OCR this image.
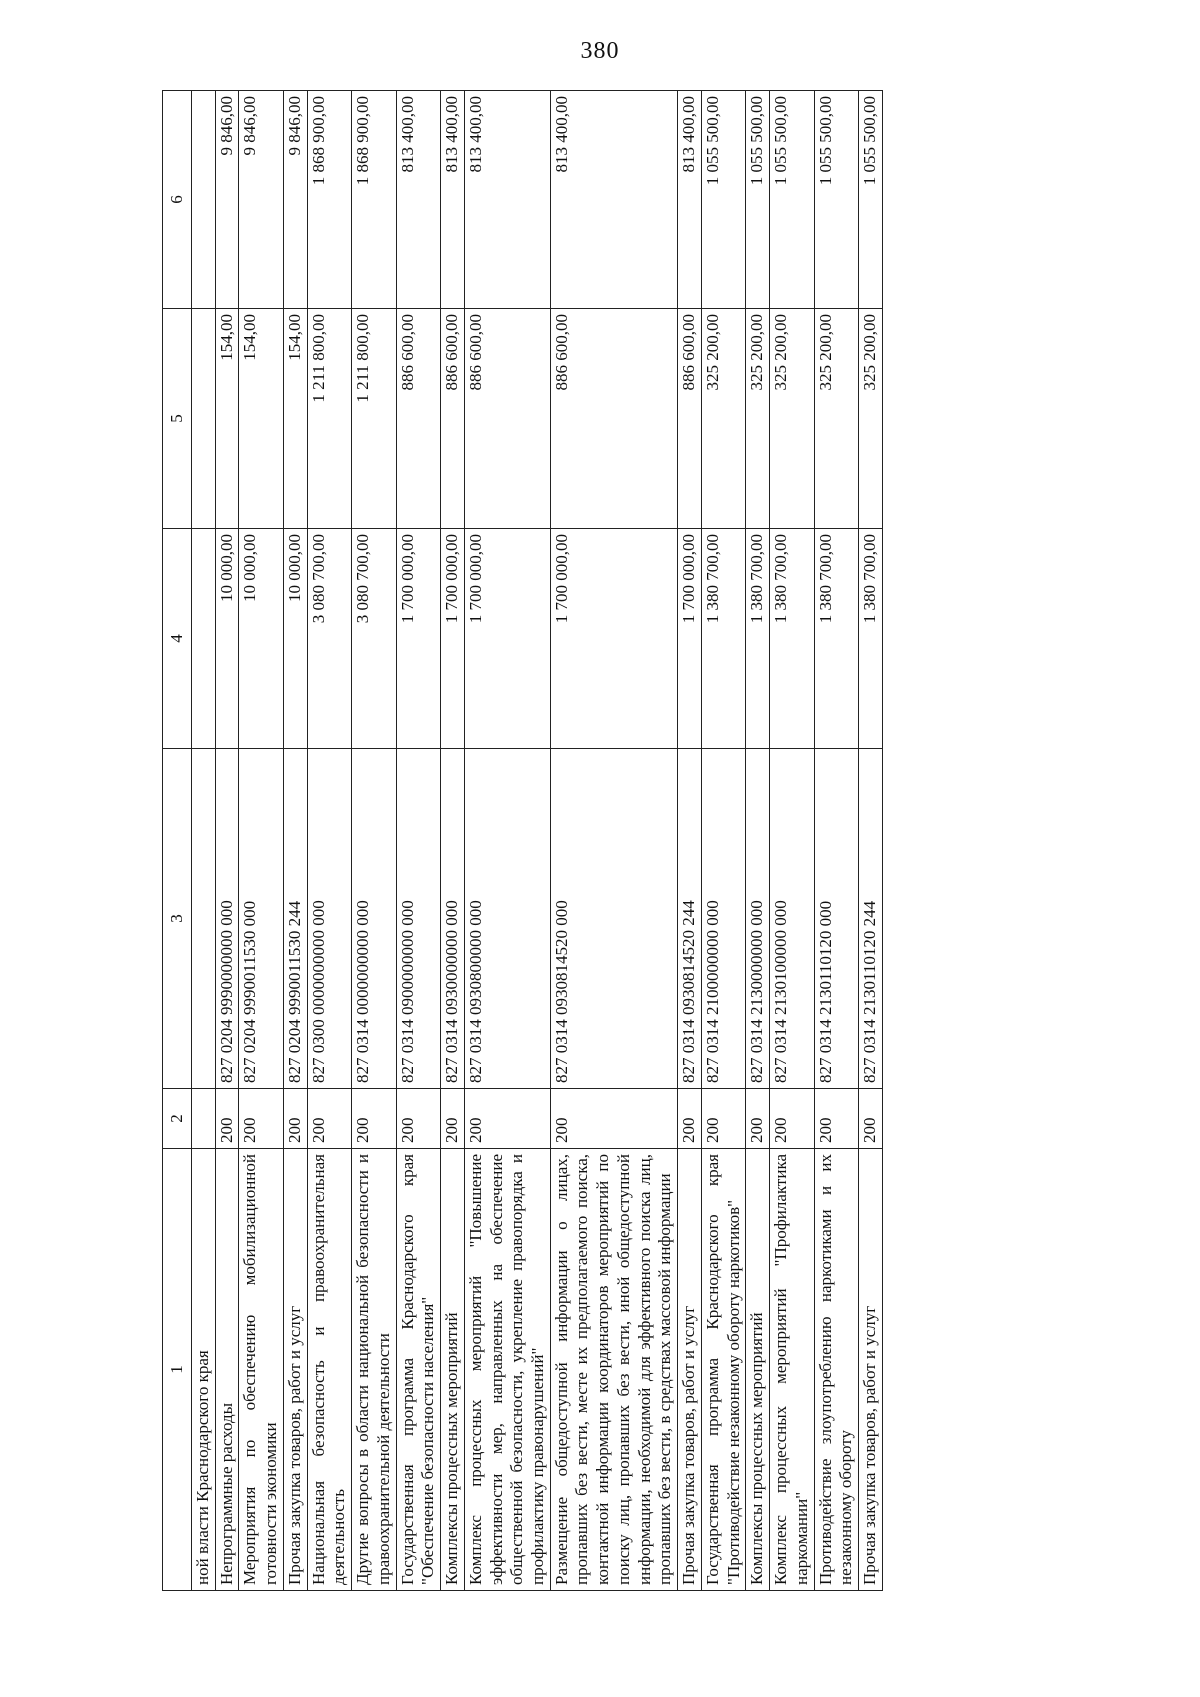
380
1	2	3	4	5	6
ной власти Краснодарского края					
Непрограммные расходы	200	827 0204 9990000000 000	10 000,00	154,00	9 846,00
Мероприятия по обеспечению мобилизационной готовности экономики	200	827 0204 9990011530 000	10 000,00	154,00	9 846,00
Прочая закупка товаров, работ и услуг	200	827 0204 9990011530 244	10 000,00	154,00	9 846,00
Национальная безопасность и правоохранительная деятельность	200	827 0300 0000000000 000	3 080 700,00	1 211 800,00	1 868 900,00
Другие вопросы в области национальной безопасности и правоохранительной деятельности	200	827 0314 0000000000 000	3 080 700,00	1 211 800,00	1 868 900,00
Государственная программа Краснодарского края "Обеспечение безопасности населения"	200	827 0314 0900000000 000	1 700 000,00	886 600,00	813 400,00
Комплексы процессных мероприятий	200	827 0314 0930000000 000	1 700 000,00	886 600,00	813 400,00
Комплекс процессных мероприятий "Повышение эффективности мер, направленных на обеспечение общественной безопасности, укрепление правопорядка и профилактику правонарушений"	200	827 0314 0930800000 000	1 700 000,00	886 600,00	813 400,00
Размещение общедоступной информации о лицах, пропавших без вести, месте их предполагаемого поиска, контактной информации координаторов мероприятий по поиску лиц, пропавших без вести, иной общедоступной информации, необходимой для эффективного поиска лиц, пропавших без вести, в средствах массовой информации	200	827 0314 0930814520 000	1 700 000,00	886 600,00	813 400,00
Прочая закупка товаров, работ и услуг	200	827 0314 0930814520 244	1 700 000,00	886 600,00	813 400,00
Государственная программа Краснодарского края "Противодействие незаконному обороту наркотиков"	200	827 0314 2100000000 000	1 380 700,00	325 200,00	1 055 500,00
Комплексы процессных мероприятий	200	827 0314 2130000000 000	1 380 700,00	325 200,00	1 055 500,00
Комплекс процессных мероприятий "Профилактика наркомании"	200	827 0314 2130100000 000	1 380 700,00	325 200,00	1 055 500,00
Противодействие злоупотреблению наркотиками и их незаконному обороту	200	827 0314 2130110120 000	1 380 700,00	325 200,00	1 055 500,00
Прочая закупка товаров, работ и услуг	200	827 0314 2130110120 244	1 380 700,00	325 200,00	1 055 500,00
